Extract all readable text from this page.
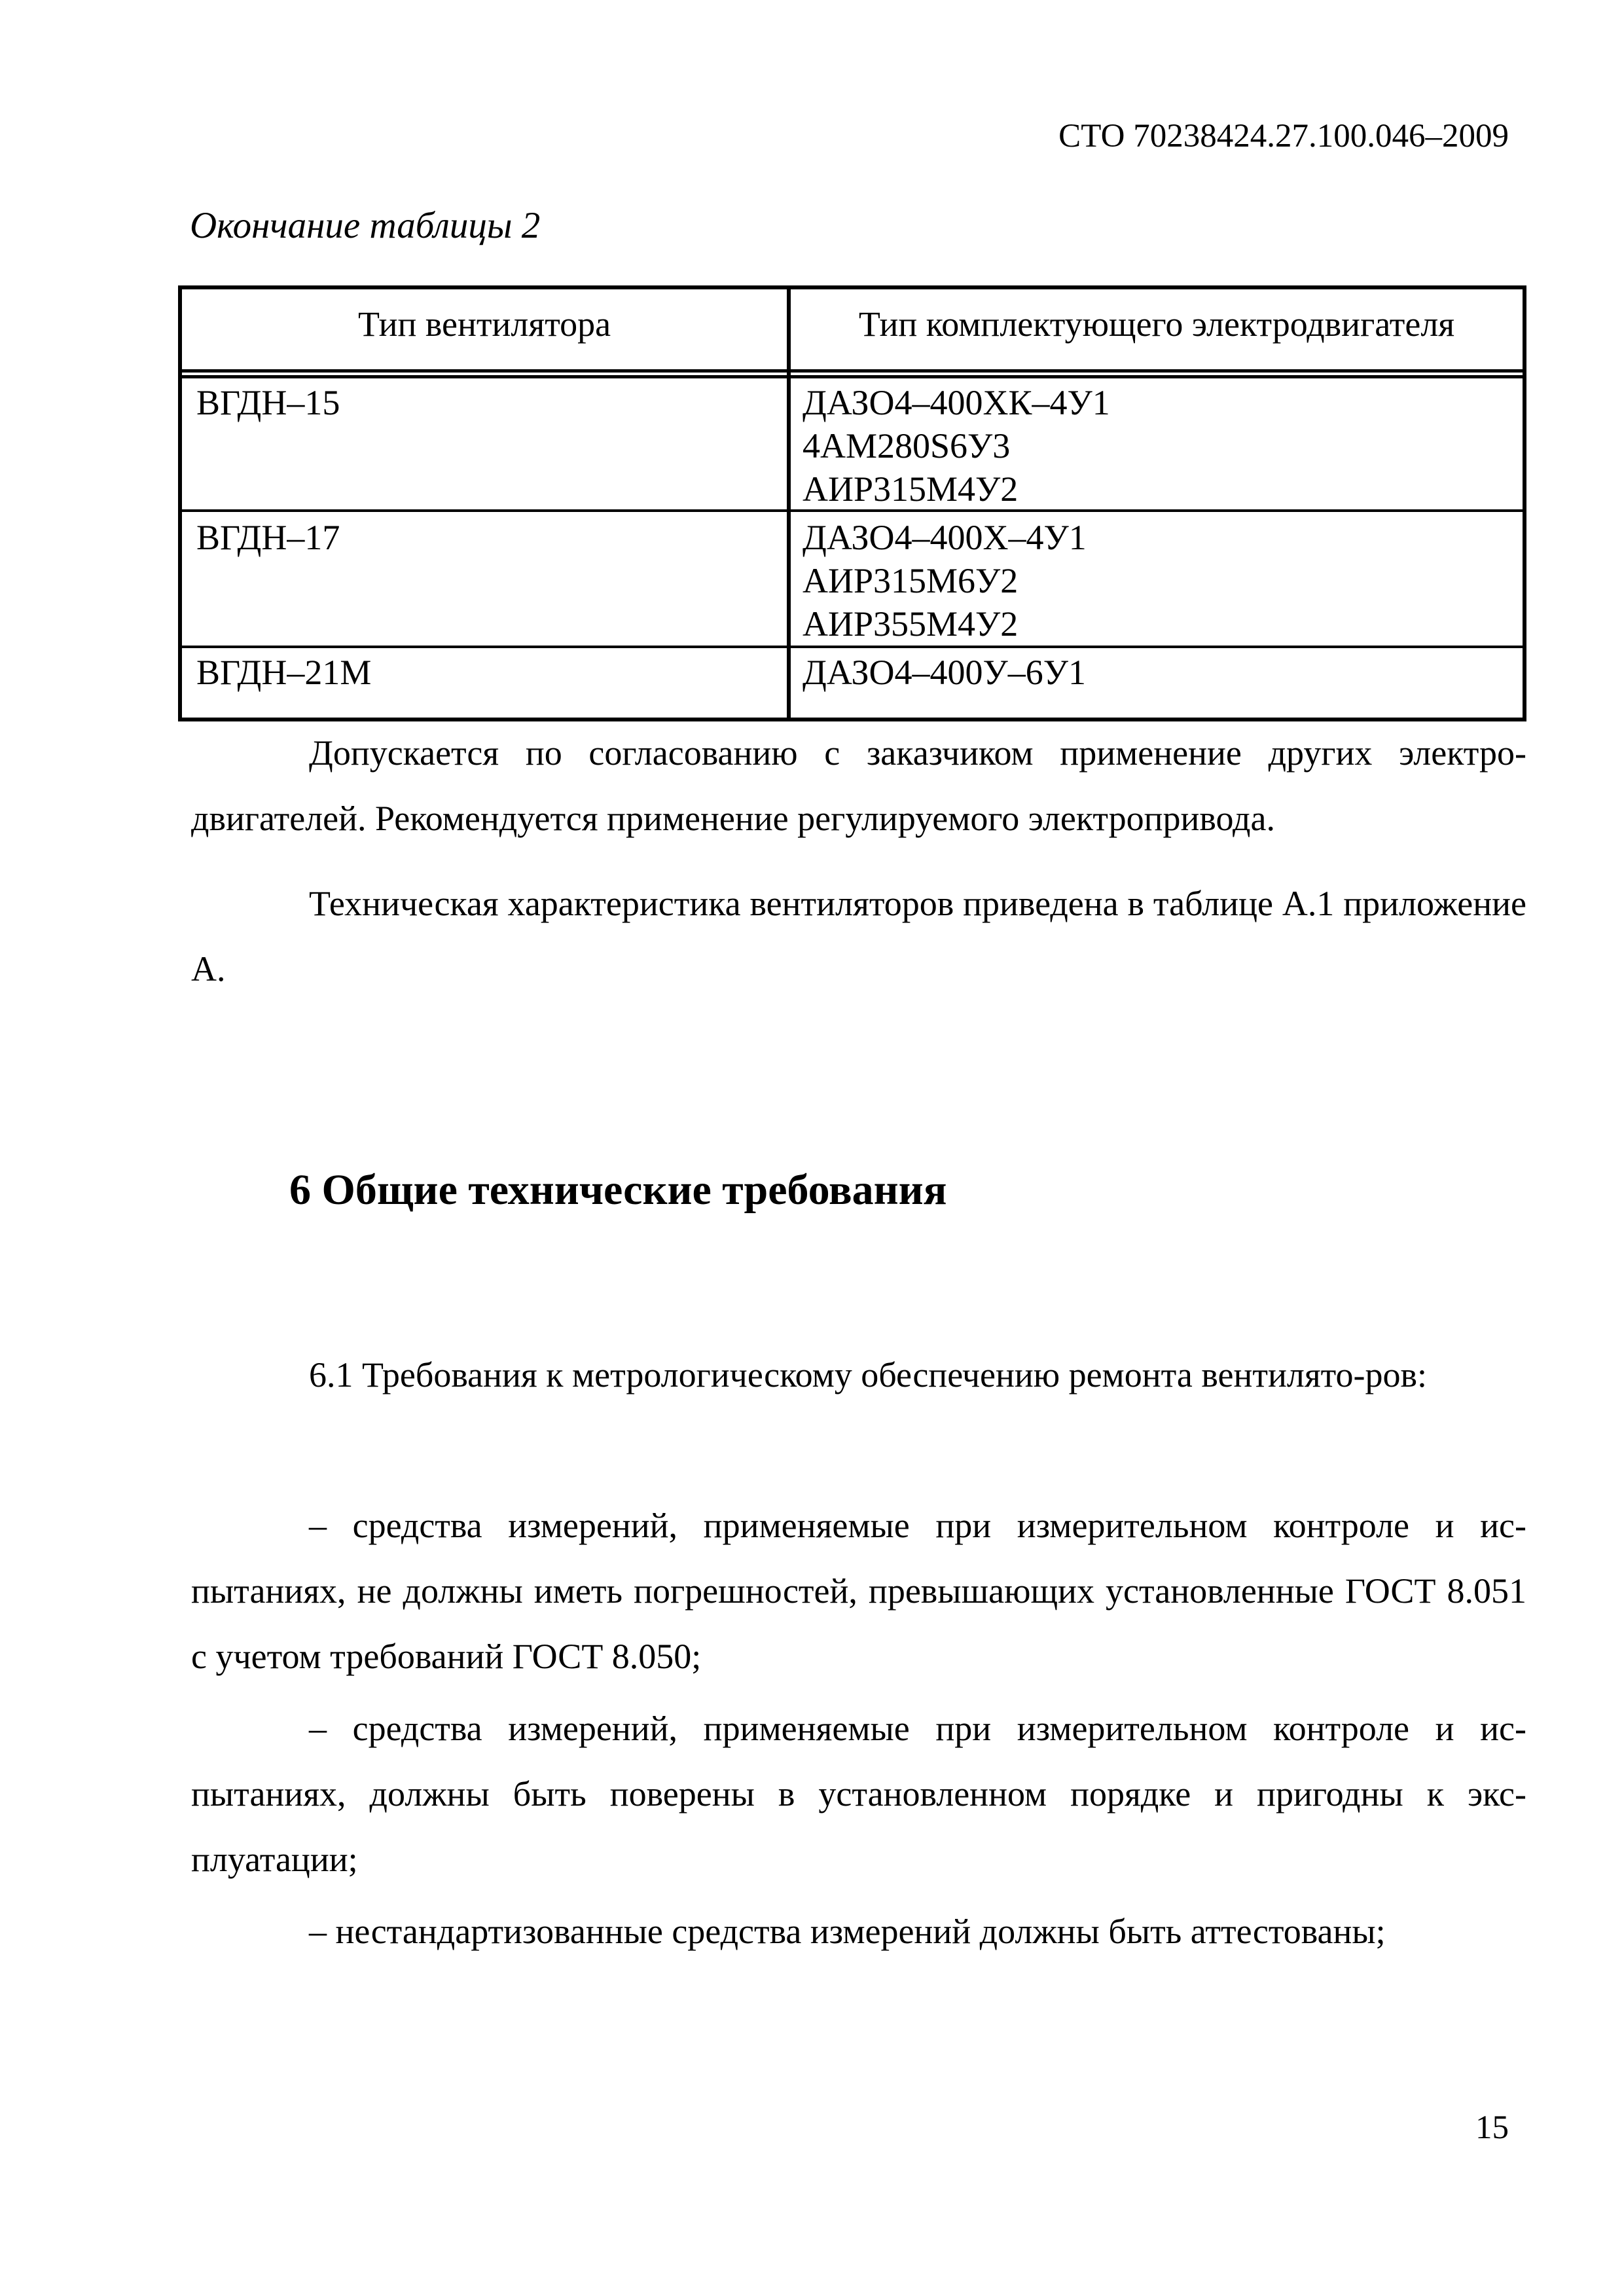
СТО 70238424.27.100.046–2009
Окончание таблицы 2
Тип вентилятора	Тип комплектующего электродвигателя
ВГДН–15	ДАЗО4–400ХК–4У1
4АМ280S6У3
АИР315М4У2
ВГДН–17	ДАЗО4–400Х–4У1
АИР315М6У2
АИР355М4У2
ВГДН–21М	ДАЗО4–400У–6У1

Допускается по согласованию с заказчиком применение других электро-двигателей. Рекомендуется применение регулируемого электропривода.

Техническая характеристика вентиляторов приведена в таблице А.1 приложение А.

6 Общие технические требования

6.1 Требования к метрологическому обеспечению ремонта вентилято-ров:

– средства измерений, применяемые при измерительном контроле и ис-пытаниях, не должны иметь погрешностей, превышающих установленные ГОСТ 8.051 с учетом требований ГОСТ 8.050;

– средства измерений, применяемые при измерительном контроле и ис-пытаниях, должны быть поверены в установленном порядке и пригодны к экс-плуатации;

– нестандартизованные средства измерений должны быть аттестованы;

15
